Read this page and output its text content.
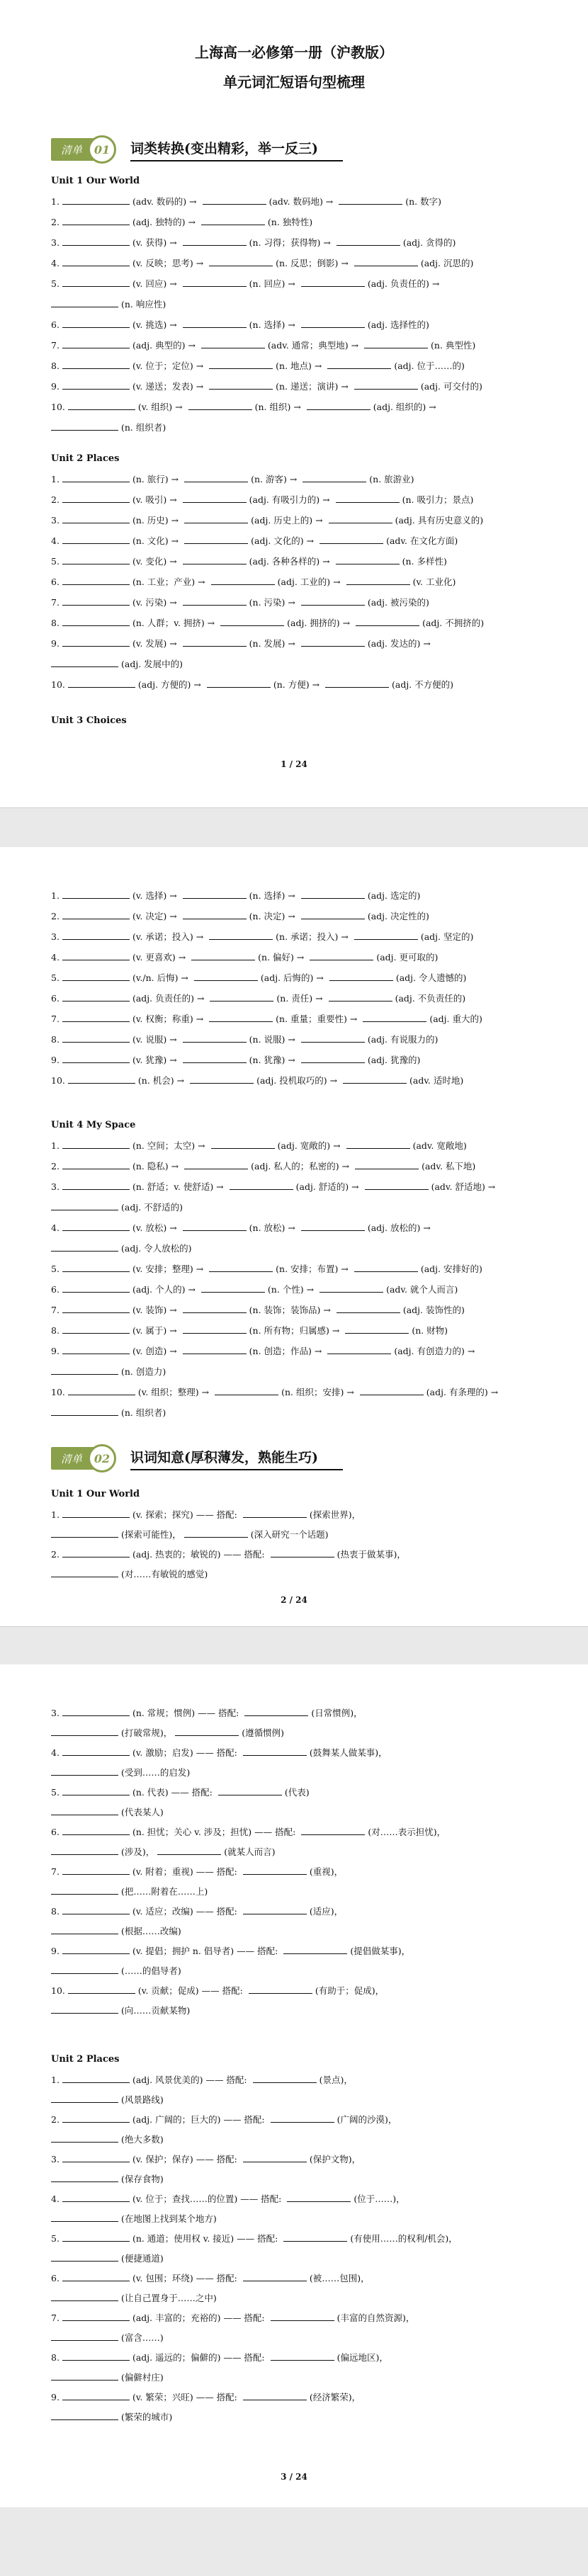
上海高一必修第一册（沪教版）
单元词汇短语句型梳理
清单	01	词类转换(变出精彩，举一反三)
Unit 1 Our World
1.	(adv. 数码的) →	(adv. 数码地) →	(n. 数字)
2.	(adj. 独特的) →	(n. 独特性)
3.	(v. 获得) →	(n. 习得；获得物) →	(adj. 贪得的)
4.	(v. 反映；思考) →	(n. 反思；倒影) →	(adj. 沉思的)
5.	(v. 回应) →	(n. 回应) →	(adj. 负责任的) →
(n. 响应性)
6.	(v. 挑选) →	(n. 选择) →	(adj. 选择性的)
7.	(adj. 典型的) →	(adv. 通常；典型地) →	(n. 典型性)
8.	(v. 位于；定位) →	(n. 地点) →	(adj. 位于……的)
9.	(v. 递送；发表) →	(n. 递送；演讲) →	(adj. 可交付的)
10.	(v. 组织) →	(n. 组织) →	(adj. 组织的) →
(n. 组织者)
Unit 2 Places
1.	(n. 旅行) →	(n. 游客) →	(n. 旅游业)
2.	(v. 吸引) →	(adj. 有吸引力的) →	(n. 吸引力；景点)
3.	(n. 历史) →	(adj. 历史上的) →	(adj. 具有历史意义的)
4.	(n. 文化) →	(adj. 文化的) →	(adv. 在文化方面)
5.	(v. 变化) →	(adj. 各种各样的) →	(n. 多样性)
6.	(n. 工业；产业) →	(adj. 工业的) →	(v. 工业化)
7.	(v. 污染) →	(n. 污染) →	(adj. 被污染的)
8.	(n. 人群；v. 拥挤) →	(adj. 拥挤的) →	(adj. 不拥挤的)
9.	(v. 发展) →	(n. 发展) →	(adj. 发达的) →
(adj. 发展中的)
10.	(adj. 方便的) →	(n. 方便) →	(adj. 不方便的)
Unit 3 Choices
1 / 24
1.	(v. 选择) →	(n. 选择) →	(adj. 选定的)
2.	(v. 决定) →	(n. 决定) →	(adj. 决定性的)
3.	(v. 承诺；投入) →	(n. 承诺；投入) →	(adj. 坚定的)
4.	(v. 更喜欢) →	(n. 偏好) →	(adj. 更可取的)
5.	(v./n. 后悔) →	(adj. 后悔的) →	(adj. 令人遗憾的)
6.	(adj. 负责任的) →	(n. 责任) →	(adj. 不负责任的)
7.	(v. 权衡；称重) →	(n. 重量；重要性) →	(adj. 重大的)
8.	(v. 说服) →	(n. 说服) →	(adj. 有说服力的)
9.	(v. 犹豫) →	(n. 犹豫) →	(adj. 犹豫的)
10.	(n. 机会) →	(adj. 投机取巧的) →	(adv. 适时地)
Unit 4 My Space
1.	(n. 空间；太空) →	(adj. 宽敞的) →	(adv. 宽敞地)
2.	(n. 隐私) →	(adj. 私人的；私密的) →	(adv. 私下地)
3.	(n. 舒适；v. 使舒适) →	(adj. 舒适的) →	(adv. 舒适地) →
(adj. 不舒适的)
4.	(v. 放松) →	(n. 放松) →	(adj. 放松的) →
(adj. 令人放松的)
5.	(v. 安排；整理) →	(n. 安排；布置) →	(adj. 安排好的)
6.	(adj. 个人的) →	(n. 个性) →	(adv. 就个人而言)
7.	(v. 装饰) →	(n. 装饰；装饰品) →	(adj. 装饰性的)
8.	(v. 属于) →	(n. 所有物；归属感) →	(n. 财物)
9.	(v. 创造) →	(n. 创造；作品) →	(adj. 有创造力的) →
(n. 创造力)
10.	(v. 组织；整理) →	(n. 组织；安排) →	(adj. 有条理的) →
(n. 组织者)
清单	02	识词知意(厚积薄发，熟能生巧)
Unit 1 Our World
1.	(v. 探索；探究) —— 搭配:	(探索世界)，
(探索可能性)，	(深入研究一个话题)
2.	(adj. 热衷的；敏锐的) —— 搭配:	(热衷于做某事)，
(对……有敏锐的感觉)
2 / 24
3.	(n. 常规；惯例) —— 搭配:	(日常惯例)，
(打破常规)，	(遵循惯例)
4.	(v. 激励；启发) —— 搭配:	(鼓舞某人做某事)，
(受到……的启发)
5.	(n. 代表) —— 搭配:	(代表)
(代表某人)
6.	(n. 担忧；关心 v. 涉及；担忧) —— 搭配:	(对……表示担忧)，
(涉及)，	(就某人而言)
7.	(v. 附着；重视) —— 搭配:	(重视)，
(把……附着在……上)
8.	(v. 适应；改编) —— 搭配:	(适应)，
(根据……改编)
9.	(v. 提倡；拥护 n. 倡导者) —— 搭配:	(提倡做某事)，
(……的倡导者)
10.	(v. 贡献；促成) —— 搭配:	(有助于；促成)，
(向……贡献某物)
Unit 2 Places
1.	(adj. 风景优美的) —— 搭配:	(景点)，
(风景路线)
2.	(adj. 广阔的；巨大的) —— 搭配:	(广阔的沙漠)，
(绝大多数)
3.	(v. 保护；保存) —— 搭配:	(保护文物)，
(保存食物)
4.	(v. 位于；查找……的位置) —— 搭配:	(位于……)，
(在地图上找到某个地方)
5.	(n. 通道；使用权 v. 接近) —— 搭配:	(有使用……的权利/机会)，
(便捷通道)
6.	(v. 包围；环绕) —— 搭配:	(被……包围)，
(让自己置身于……之中)
7.	(adj. 丰富的；充裕的) —— 搭配:	(丰富的自然资源)，
(富含……)
8.	(adj. 遥远的；偏僻的) —— 搭配:	(偏远地区)，
(偏僻村庄)
9.	(v. 繁荣；兴旺) —— 搭配:	(经济繁荣)，
(繁荣的城市)
3 / 24
